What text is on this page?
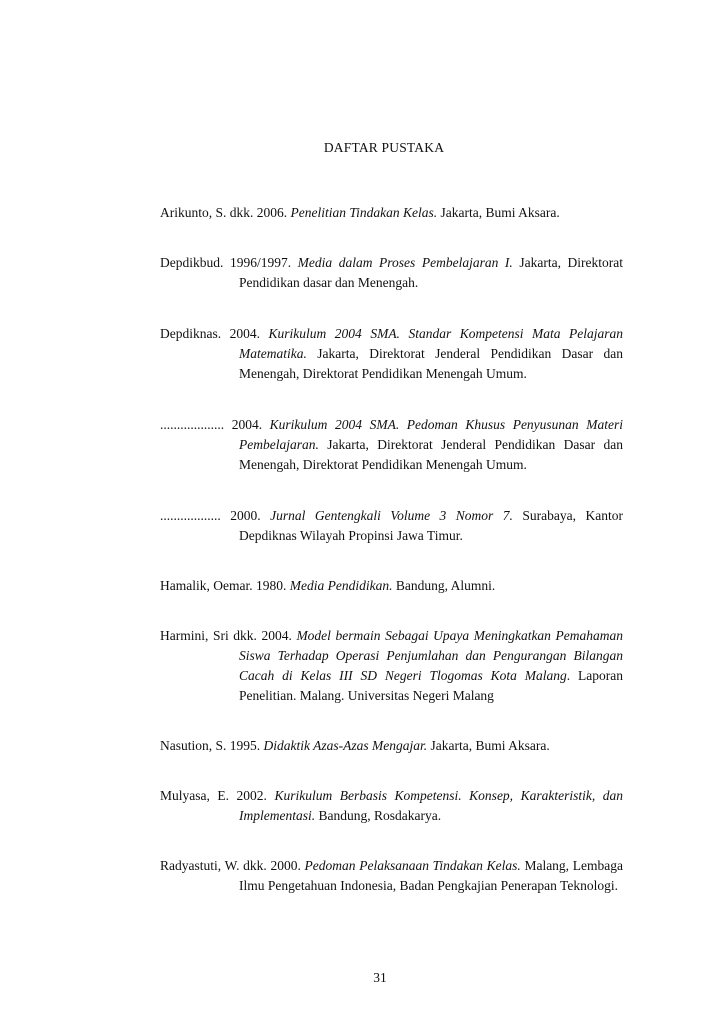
DAFTAR PUSTAKA
Arikunto, S. dkk. 2006. Penelitian Tindakan Kelas. Jakarta, Bumi Aksara.
Depdikbud. 1996/1997. Media dalam Proses Pembelajaran I. Jakarta, Direktorat Pendidikan dasar dan Menengah.
Depdiknas. 2004. Kurikulum 2004 SMA. Standar Kompetensi Mata Pelajaran Matematika. Jakarta, Direktorat Jenderal Pendidikan Dasar dan Menengah, Direktorat Pendidikan Menengah Umum.
................... 2004. Kurikulum 2004 SMA. Pedoman Khusus Penyusunan Materi Pembelajaran. Jakarta, Direktorat Jenderal Pendidikan Dasar dan Menengah, Direktorat Pendidikan Menengah Umum.
.................. 2000. Jurnal Gentengkali Volume 3 Nomor 7. Surabaya, Kantor Depdiknas Wilayah Propinsi Jawa Timur.
Hamalik, Oemar. 1980. Media Pendidikan. Bandung, Alumni.
Harmini, Sri dkk. 2004. Model bermain Sebagai Upaya Meningkatkan Pemahaman Siswa Terhadap Operasi Penjumlahan dan Pengurangan Bilangan Cacah di Kelas III SD Negeri Tlogomas Kota Malang. Laporan Penelitian. Malang. Universitas Negeri Malang
Nasution, S. 1995. Didaktik Azas-Azas Mengajar. Jakarta, Bumi Aksara.
Mulyasa, E. 2002. Kurikulum Berbasis Kompetensi. Konsep, Karakteristik, dan Implementasi. Bandung, Rosdakarya.
Radyastuti, W. dkk. 2000. Pedoman Pelaksanaan Tindakan Kelas. Malang, Lembaga Ilmu Pengetahuan Indonesia, Badan Pengkajian Penerapan Teknologi.
31
